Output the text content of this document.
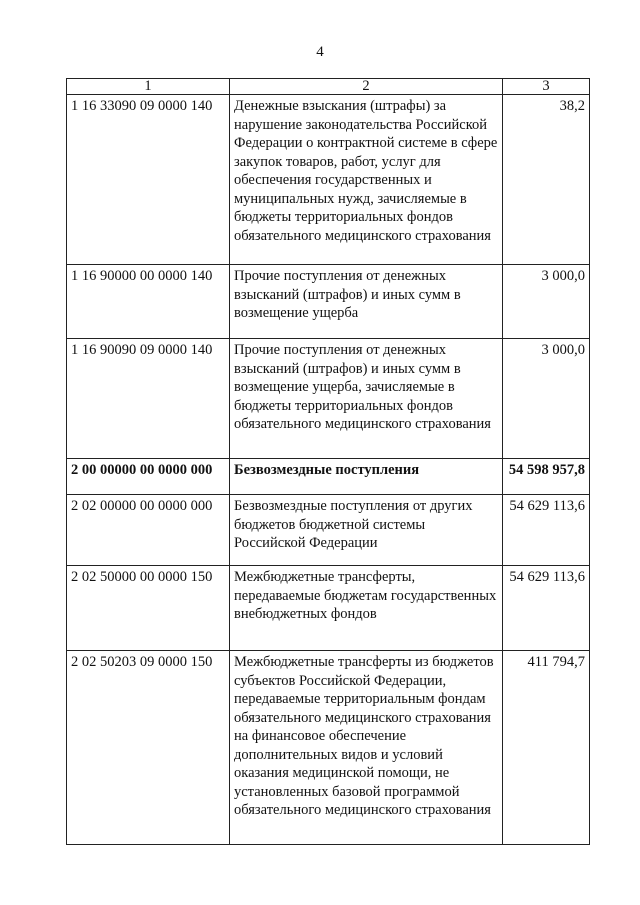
4
1	2	3
1 16 33090 09 0000 140	Денежные взыскания (штрафы) за нарушение законодательства Российской Федерации о контрактной системе в сфере закупок товаров, работ, услуг для обеспечения государственных и муниципальных нужд, зачисляемые в бюджеты территориальных фондов обязательного медицинского страхования	38,2
1 16 90000 00 0000 140	Прочие поступления от денежных взысканий (штрафов) и иных сумм в возмещение ущерба	3 000,0
1 16 90090 09 0000 140	Прочие поступления от денежных взысканий (штрафов) и иных сумм в возмещение ущерба, зачисляемые в бюджеты территориальных фондов обязательного медицинского страхования	3 000,0
2 00 00000 00 0000 000	Безвозмездные поступления	54 598 957,8
2 02 00000 00 0000 000	Безвозмездные поступления от других бюджетов бюджетной системы Российской Федерации	54 629 113,6
2 02 50000 00 0000 150	Межбюджетные трансферты, передаваемые бюджетам государственных внебюджетных фондов	54 629 113,6
2 02 50203 09 0000 150	Межбюджетные трансферты из бюджетов субъектов Российской Федерации, передаваемые территориальным фондам обязательного медицинского страхования на финансовое обеспечение дополнительных видов и условий оказания медицинской помощи, не установленных базовой программой обязательного медицинского страхования	411 794,7
